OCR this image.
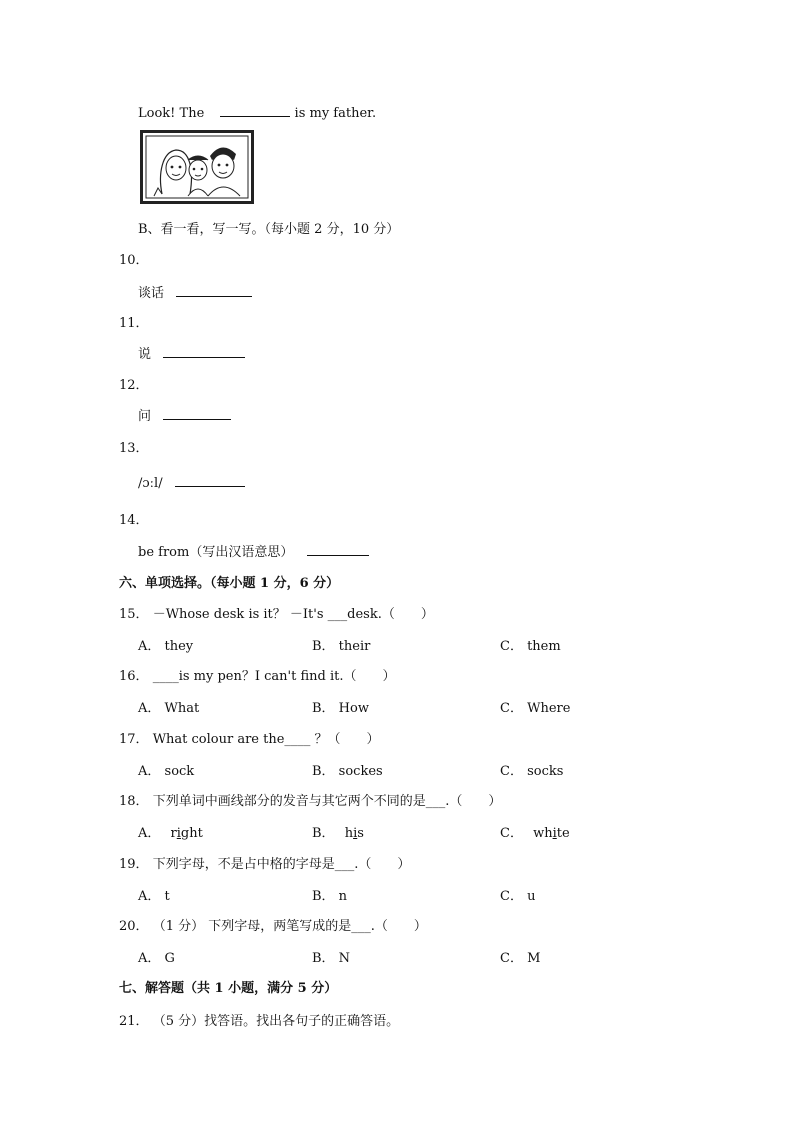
Look! The	is my father.
B、看一看，写一写。（每小题 2 分，10 分）
10．
谈话
11．
说
12．
问
13．
/ɔːl/
14．
be from（写出汉语意思）
六、单项选择。（每小题 1 分，6 分）
15． －Whose desk is it？ －It's ___desk.（　　）
A． they	B． their	C． them
16． ____is my pen？I can't find it.（　　）
A． What	B． How	C． Where
17． What colour are the____ ？（　　）
A． sock	B． sockes	C． socks
18． 下列单词中画线部分的发音与其它两个不同的是___.（　　）
A． right	B． his	C． white
19． 下列字母，不是占中格的字母是___.（　　）
A． t	B． n	C． u
20． （1 分） 下列字母，两笔写成的是___.（　　）
A． G	B． N	C． M
七、解答题（共 1 小题，满分 5 分）
21． （5 分）找答语。找出各句子的正确答语。
